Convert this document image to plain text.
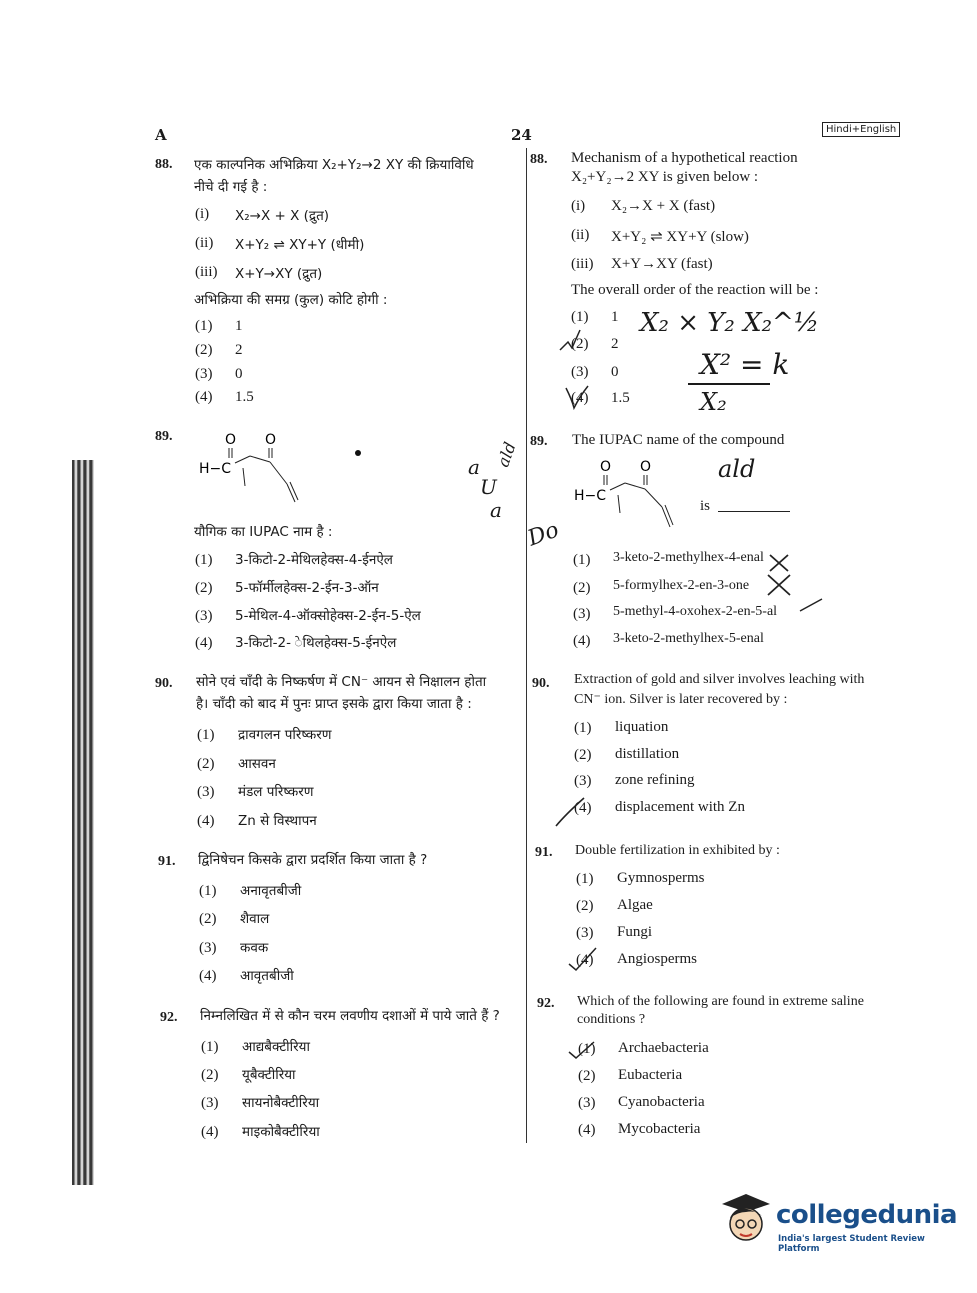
A	24	Hindi+English
88. एक काल्पनिक अभिक्रिया X₂+Y₂→2 XY की क्रियाविधि
नीचे दी गई है :
(i) X₂→X + X (द्रुत)
(ii) X+Y₂ ⇌ XY+Y (धीमी)
(iii) X+Y→XY (द्रुत)
अभिक्रिया की समग्र (कुल) कोटि होगी :
(1) 1
(2) 2
(3) 0
(4) 1.5
88. Mechanism of a hypothetical reaction
X₂+Y₂→2 XY is given below :
(i) X₂→X + X (fast)
(ii) X+Y₂ ⇌ XY+Y (slow)
(iii) X+Y→XY (fast)
The overall order of the reaction will be :
(1) 1
(2) 2
(3) 0
(4) 1.5
X₂ × Y₂ X₂^½
X² = k
X₂
89.	O O
H−C
यौगिक का IUPAC नाम है :
(1) 3-किटो-2-मेथिलहेक्स-4-ईनऐल
(2) 5-फॉर्मीलहेक्स-2-ईन-3-ऑन
(3) 5-मेथिल-4-ऑक्सोहेक्स-2-ईन-5-ऐल
(4) 3-किटो-2- ेथिलहेक्स-5-ईनऐल
a
U
a
ald
Do
89. The IUPAC name of the compound
O O
H−C
is
ald
(1) 3-keto-2-methylhex-4-enal
(2) 5-formylhex-2-en-3-one
(3) 5-methyl-4-oxohex-2-en-5-al
(4) 3-keto-2-methylhex-5-enal
90. सोने एवं चाँदी के निष्कर्षण में CN⁻ आयन से निक्षालन होता
है। चाँदी को बाद में पुनः प्राप्त इसके द्वारा किया जाता है :
(1) द्रावगलन परिष्करण
(2) आसवन
(3) मंडल परिष्करण
(4) Zn से विस्थापन
90. Extraction of gold and silver involves leaching with
CN⁻ ion. Silver is later recovered by :
(1) liquation
(2) distillation
(3) zone refining
(4) displacement with Zn
91. द्विनिषेचन किसके द्वारा प्रदर्शित किया जाता है ?
(1) अनावृतबीजी
(2) शैवाल
(3) कवक
(4) आवृतबीजी
91. Double fertilization in exhibited by :
(1) Gymnosperms
(2) Algae
(3) Fungi
(4) Angiosperms
92. निम्नलिखित में से कौन चरम लवणीय दशाओं में पाये जाते हैं ?
(1) आद्यबैक्टीरिया
(2) यूबैक्टीरिया
(3) सायनोबैक्टीरिया
(4) माइकोबैक्टीरिया
92. Which of the following are found in extreme saline
conditions ?
(1) Archaebacteria
(2) Eubacteria
(3) Cyanobacteria
(4) Mycobacteria
collegedunia
India's largest Student Review Platform
